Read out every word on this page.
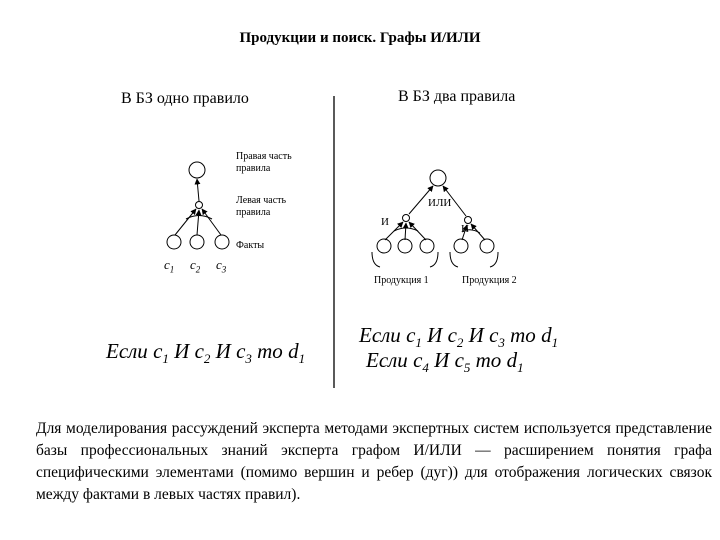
Продукции и поиск. Графы И/ИЛИ
В БЗ одно правило
Правая часть
правила
Левая часть
правила
Факты
$c_1$ $c_2$ $c_3$
Если $c_1$ И $c_2$ И $c_3$ то $d_1$
В БЗ два правила
ИЛИ
И
И
Продукция 1	Продукция 2
Если $c_1$ И $c_2$ И $c_3$ то $d_1$
Если $c_4$ И $c_5$ то $d_1$
Для моделирования рассуждений эксперта методами экспертных систем используется представление базы профессиональных знаний эксперта графом И/ИЛИ — расширением понятия графа специфическими элементами (помимо вершин и ребер (дуг)) для отображения логических связок между фактами в левых частях правил).
